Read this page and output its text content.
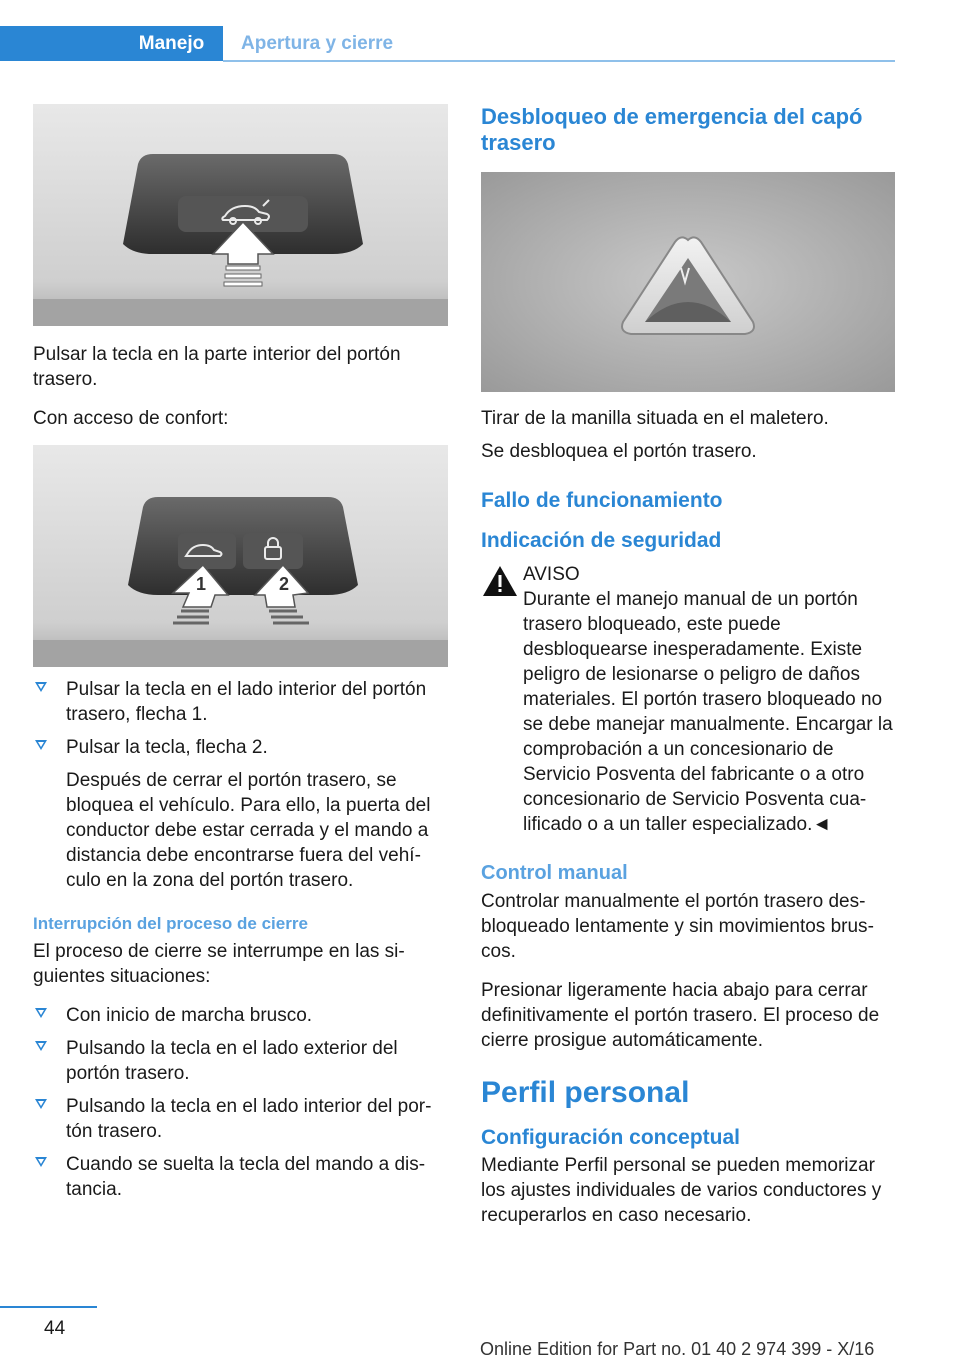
Manejo	Apertura y cierre

Pulsar la tecla en la parte interior del portón trasero.

Con acceso de confort:

1	2
Pulsar la tecla en el lado interior del portón trasero, flecha 1.
Pulsar la tecla, flecha 2.
Después de cerrar el portón trasero, se bloquea el vehículo. Para ello, la puerta del conductor debe estar cerrada y el mando a distancia debe encontrarse fuera del vehículo en la zona del portón trasero.
Interrupción del proceso de cierre

El proceso de cierre se interrumpe en las siguientes situaciones:

Con inicio de marcha brusco.
Pulsando la tecla en el lado exterior del portón trasero.
Pulsando la tecla en el lado interior del portón trasero.
Cuando se suelta la tecla del mando a distancia.
Desbloqueo de emergencia del capó trasero

Tirar de la manilla situada en el maletero.

Se desbloquea el portón trasero.

Fallo de funcionamiento
Indicación de seguridad
AVISO
Durante el manejo manual de un portón trasero bloqueado, este puede desbloquearse inesperadamente. Existe peligro de lesionarse o peligro de daños materiales. El portón trasero bloqueado no se debe manejar manualmente. Encargar la comprobación a un concesionario de Servicio Posventa del fabricante o a otro concesionario de Servicio Posventa cualificado o a un taller especializado.◄
Control manual

Controlar manualmente el portón trasero desbloqueado lentamente y sin movimientos bruscos.

Presionar ligeramente hacia abajo para cerrar definitivamente el portón trasero. El proceso de cierre prosigue automáticamente.

Perfil personal
Configuración conceptual

Mediante Perfil personal se pueden memorizar los ajustes individuales de varios conductores y recuperarlos en caso necesario.

44
Online Edition for Part no. 01 40 2 974 399 - X/16
